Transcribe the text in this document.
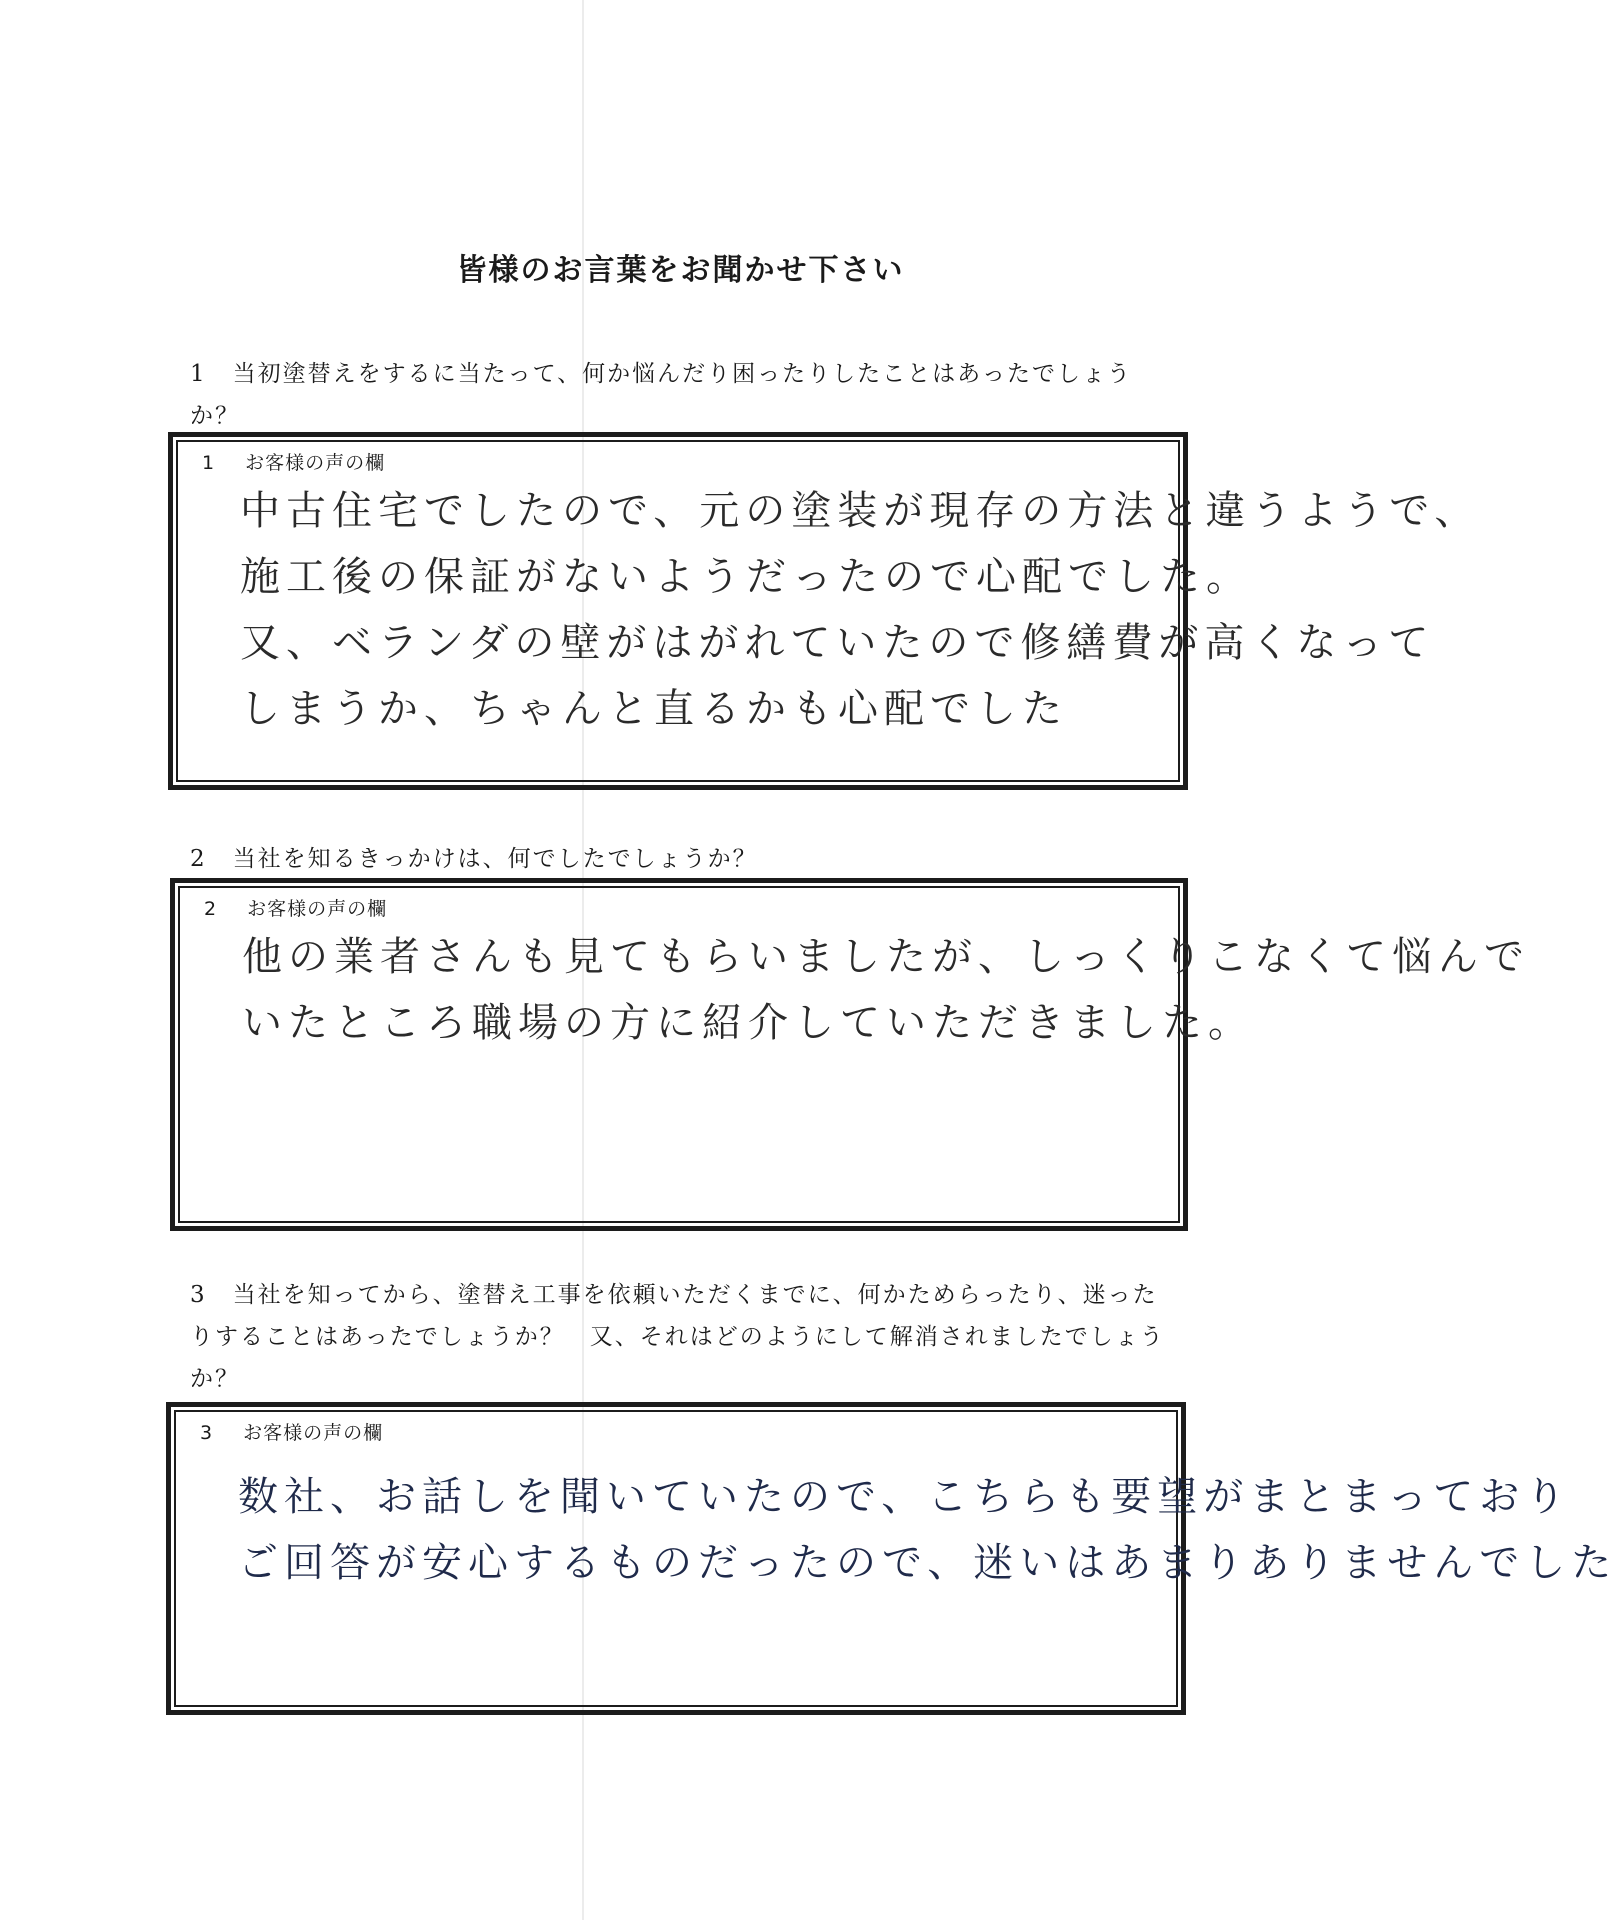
皆様のお言葉をお聞かせ下さい
1 当初塗替えをするに当たって、何か悩んだり困ったりしたことはあったでしょう
か？
1 お客様の声の欄
中古住宅でしたので、元の塗装が現存の方法と違うようで、
施工後の保証がないようだったので心配でした。
又、ベランダの壁がはがれていたので修繕費が高くなって
しまうか、ちゃんと直るかも心配でした
2 当社を知るきっかけは、何でしたでしょうか？
2 お客様の声の欄
他の業者さんも見てもらいましたが、しっくりこなくて悩んで
いたところ職場の方に紹介していただきました。
3 当社を知ってから、塗替え工事を依頼いただくまでに、何かためらったり、迷った
りすることはあったでしょうか？　又、それはどのようにして解消されましたでしょう
か？
3 お客様の声の欄
数社、お話しを聞いていたので、こちらも要望がまとまっており
ご回答が安心するものだったので、迷いはあまりありませんでした
